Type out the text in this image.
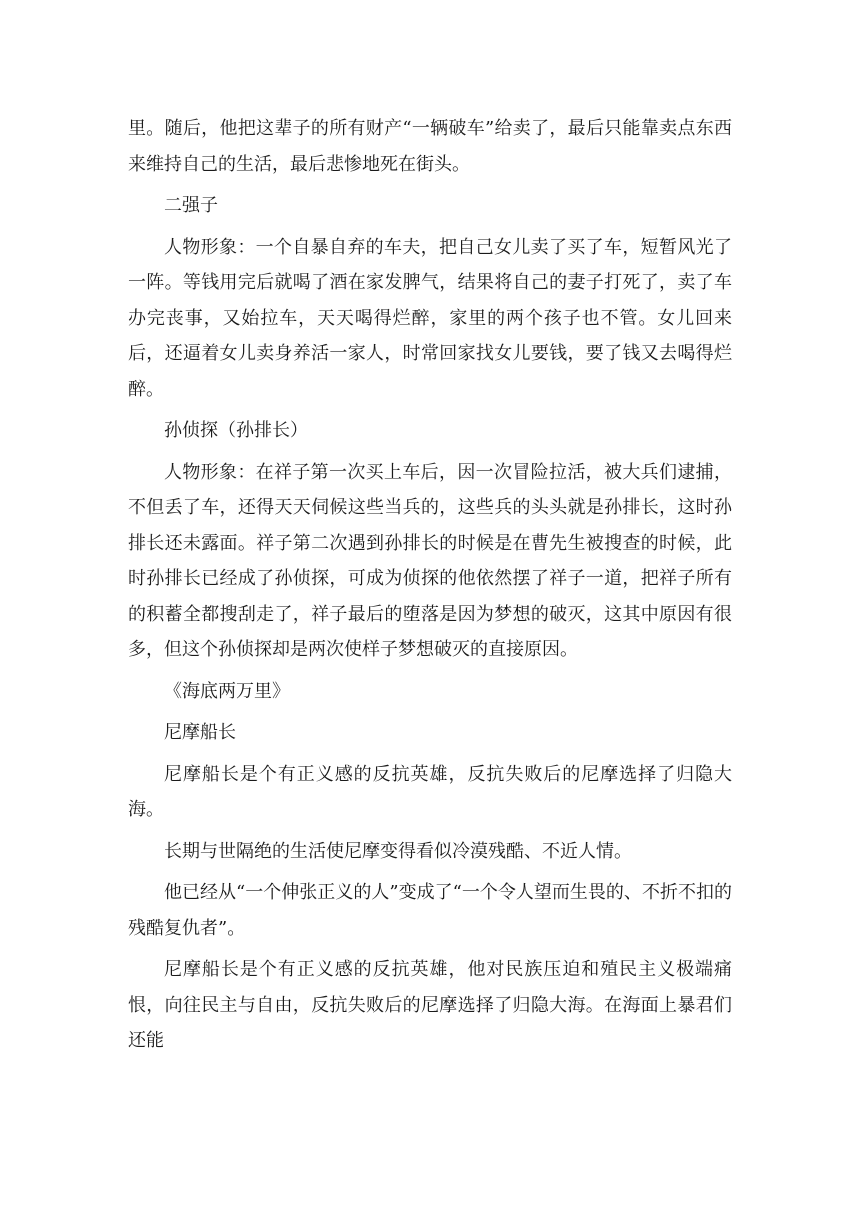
里。随后，他把这辈子的所有财产“一辆破车”给卖了，最后只能靠卖点东西来维持自己的生活，最后悲惨地死在街头。

二强子

人物形象：一个自暴自弃的车夫，把自己女儿卖了买了车，短暂风光了一阵。等钱用完后就喝了酒在家发脾气，结果将自己的妻子打死了，卖了车办完丧事，又始拉车，天天喝得烂醉，家里的两个孩子也不管。女儿回来后，还逼着女儿卖身养活一家人，时常回家找女儿要钱，要了钱又去喝得烂醉。

孙侦探（孙排长）

人物形象：在祥子第一次买上车后，因一次冒险拉活，被大兵们逮捕，不但丢了车，还得天天伺候这些当兵的，这些兵的头头就是孙排长，这时孙排长还未露面。祥子第二次遇到孙排长的时候是在曹先生被搜查的时候，此时孙排长已经成了孙侦探，可成为侦探的他依然摆了祥子一道，把祥子所有的积蓄全都搜刮走了，祥子最后的堕落是因为梦想的破灭，这其中原因有很多，但这个孙侦探却是两次使样子梦想破灭的直接原因。

《海底两万里》

尼摩船长

尼摩船长是个有正义感的反抗英雄，反抗失败后的尼摩选择了归隐大海。

长期与世隔绝的生活使尼摩变得看似冷漠残酷、不近人情。

他已经从“一个伸张正义的人”变成了“一个令人望而生畏的、不折不扣的残酷复仇者”。

尼摩船长是个有正义感的反抗英雄，他对民族压迫和殖民主义极端痛恨，向往民主与自由，反抗失败后的尼摩选择了归隐大海。在海面上暴君们还能
